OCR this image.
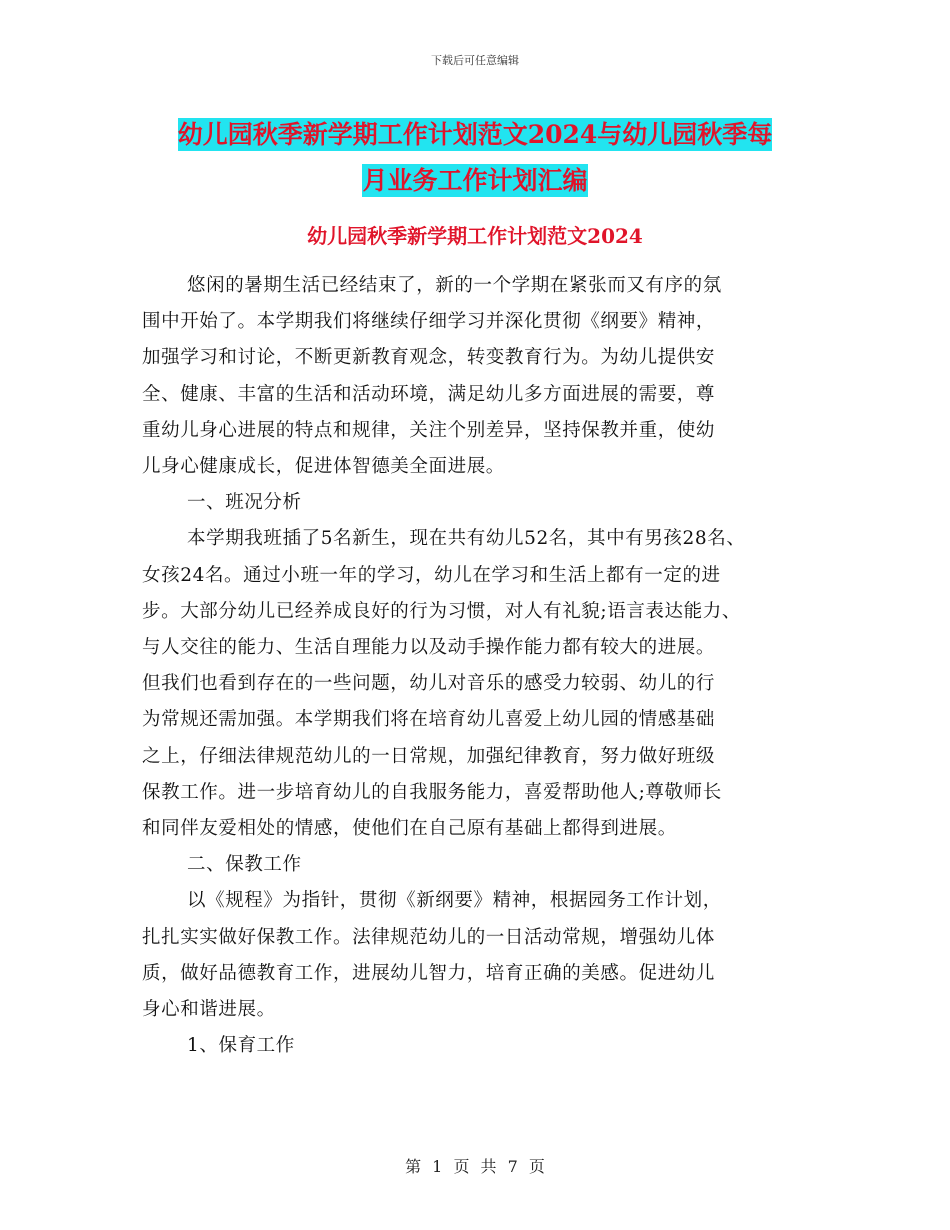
下载后可任意编辑
幼儿园秋季新学期工作计划范文2024与幼儿园秋季每
月业务工作计划汇编
幼儿园秋季新学期工作计划范文2024

悠闲的暑期生活已经结束了，新的一个学期在紧张而又有序的氛

围中开始了。本学期我们将继续仔细学习并深化贯彻《纲要》精神，

加强学习和讨论，不断更新教育观念，转变教育行为。为幼儿提供安

全、健康、丰富的生活和活动环境，满足幼儿多方面进展的需要，尊

重幼儿身心进展的特点和规律，关注个别差异，坚持保教并重，使幼

儿身心健康成长，促进体智德美全面进展。

一、班况分析

本学期我班插了5名新生，现在共有幼儿52名，其中有男孩28名、

女孩24名。通过小班一年的学习，幼儿在学习和生活上都有一定的进

步。大部分幼儿已经养成良好的行为习惯，对人有礼貌;语言表达能力、

与人交往的能力、生活自理能力以及动手操作能力都有较大的进展。

但我们也看到存在的一些问题，幼儿对音乐的感受力较弱、幼儿的行

为常规还需加强。本学期我们将在培育幼儿喜爱上幼儿园的情感基础

之上，仔细法律规范幼儿的一日常规，加强纪律教育，努力做好班级

保教工作。进一步培育幼儿的自我服务能力，喜爱帮助他人;尊敬师长

和同伴友爱相处的情感，使他们在自己原有基础上都得到进展。

二、保教工作

以《规程》为指针，贯彻《新纲要》精神，根据园务工作计划，

扎扎实实做好保教工作。法律规范幼儿的一日活动常规，增强幼儿体

质，做好品德教育工作，进展幼儿智力，培育正确的美感。促进幼儿

身心和谐进展。

1、保育工作

第 1 页 共 7 页
